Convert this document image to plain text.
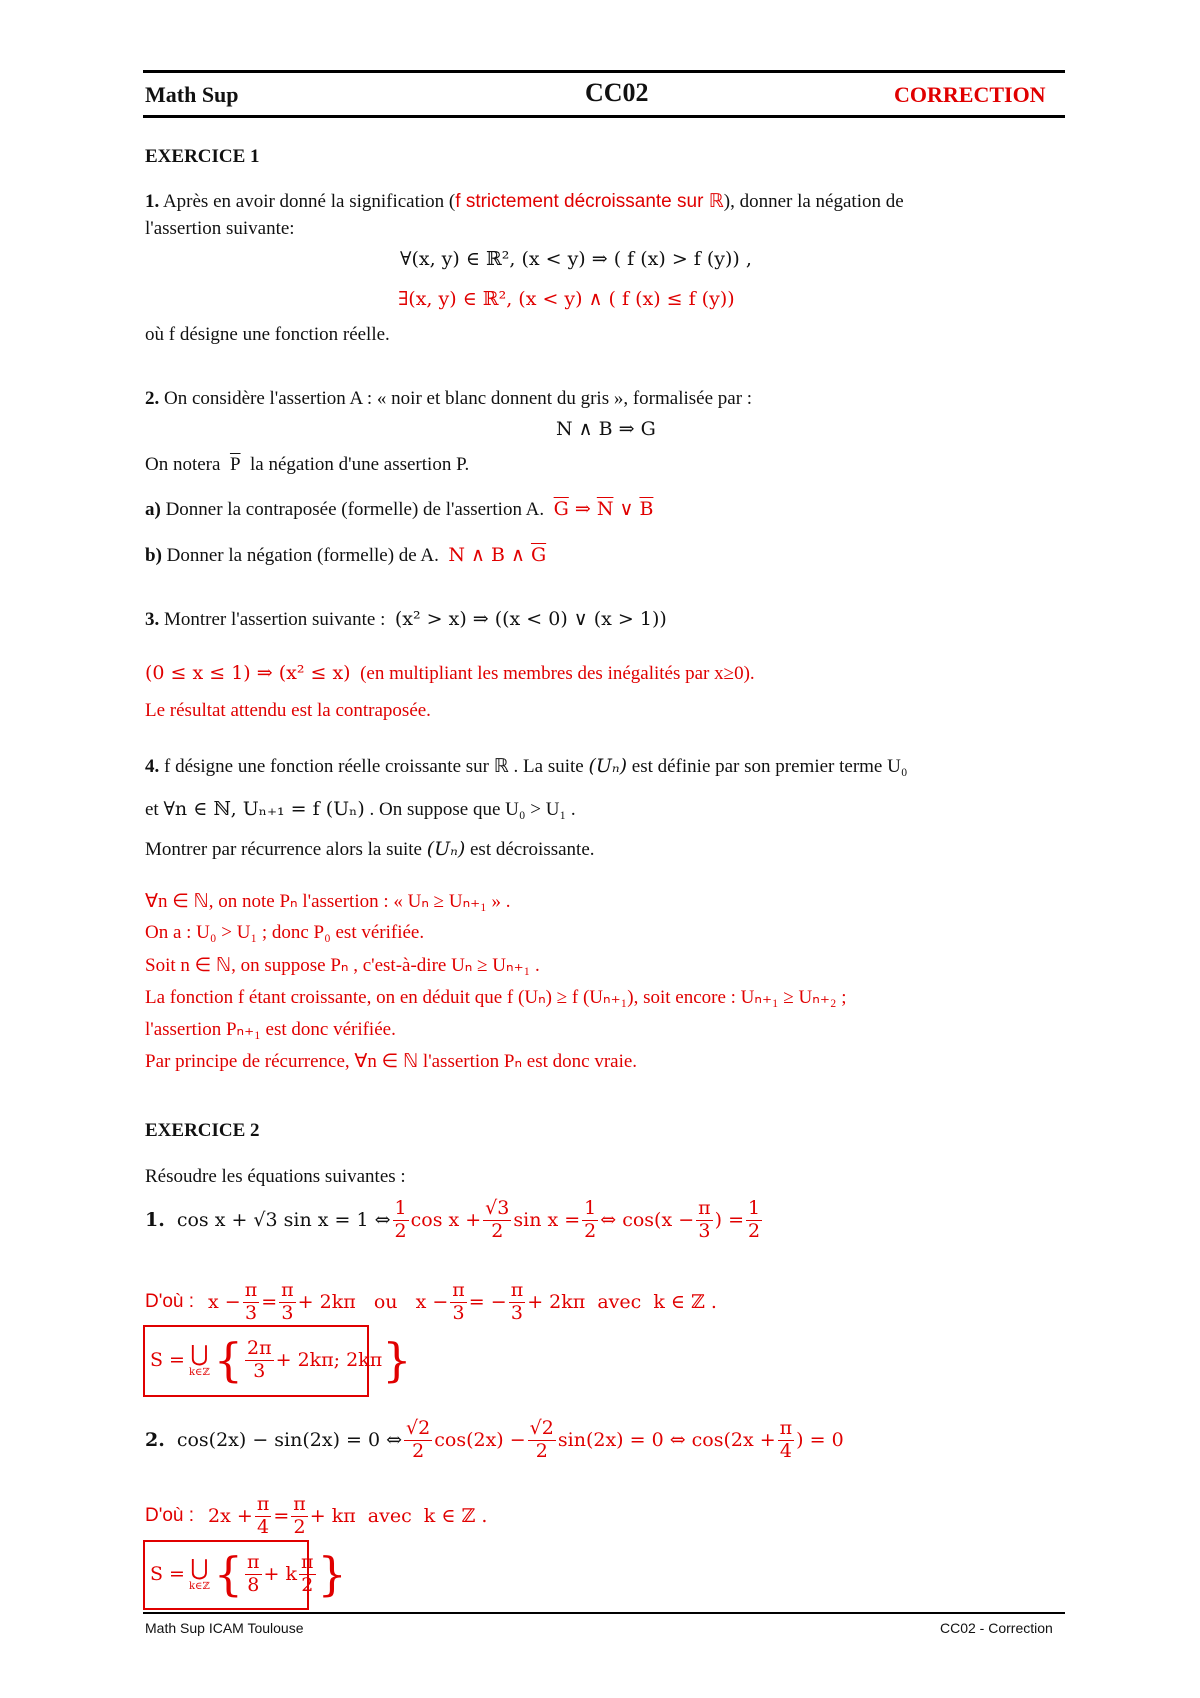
Math Sup	CC02	CORRECTION
EXERCICE 1
1. Après en avoir donné la signification (f strictement décroissante sur ℝ), donner la négation de
l'assertion suivante:
∀(x, y) ∈ ℝ², (x < y) ⇒ ( f (x) > f (y)) ,
∃(x, y) ∈ ℝ², (x < y) ∧ ( f (x) ≤ f (y))
où f désigne une fonction réelle.
2. On considère l'assertion A : « noir et blanc donnent du gris », formalisée par :
N ∧ B ⇒ G
On notera $\overline{P}$ la négation d'une assertion P.
a) Donner la contraposée (formelle) de l'assertion A. $\overline{G}$ ⇒ $\overline{N}$ ∨ $\overline{B}$
b) Donner la négation (formelle) de A. N ∧ B ∧ $\overline{G}$
3. Montrer l'assertion suivante : (x² > x) ⇒ ((x < 0) ∨ (x > 1))
(0 ≤ x ≤ 1) ⇒ (x² ≤ x) (en multipliant les membres des inégalités par x≥0).
Le résultat attendu est la contraposée.
4. f désigne une fonction réelle croissante sur ℝ . La suite (Uₙ) est définie par son premier terme U₀
et ∀n ∈ ℕ, Uₙ₊₁ = f (Uₙ) . On suppose que U₀ > U₁ .
Montrer par récurrence alors la suite (Uₙ) est décroissante.
∀n ∈ ℕ, on note Pₙ l'assertion : « Uₙ ≥ Uₙ₊₁ » .
On a : U₀ > U₁ ; donc P₀ est vérifiée.
Soit n ∈ ℕ, on suppose Pₙ , c'est-à-dire Uₙ ≥ Uₙ₊₁ .
La fonction f étant croissante, on en déduit que f (Uₙ) ≥ f (Uₙ₊₁), soit encore : Uₙ₊₁ ≥ Uₙ₊₂ ;
l'assertion Pₙ₊₁ est donc vérifiée.
Par principe de récurrence, ∀n ∈ ℕ l'assertion Pₙ est donc vraie.
EXERCICE 2
Résoudre les équations suivantes :
1. cos x + √3 sin x = 1 ⇔ $\frac{1}{2}$ $\cos x + \frac{√3}{2}$ $\sin x = \frac{1}{2}$ ⇔ $\cos(x - \frac{\pi}{3}$ ) = $\frac{1}{2}$
D'où : $x - \frac{\pi}{3} = \frac{\pi}{3} + 2k\pi$   ou   $x - \frac{\pi}{3}$ = − $\frac{\pi}{3} + 2k\pi$  avec  k ∈ ℤ .
S = ⋃
k∈ℤ { $\frac{2\pi}{3} + 2k\pi$; 2kπ }
2. cos(2x) − sin(2x) = 0 ⇔ $\frac{√2}{2} \cos(2x) - \frac{√2}{2} \sin(2x) = 0$ ⇔ $\cos(2x + \frac{\pi}{4}$ ) = 0
D'où : $2x + \frac{\pi}{4} = \frac{\pi}{2} + k\pi$  avec  k ∈ ℤ .
S = ⋃
k∈ℤ { $\frac{\pi}{8} + k \frac{\pi}{2}$ }
Math Sup ICAM Toulouse	CC02 - Correction
